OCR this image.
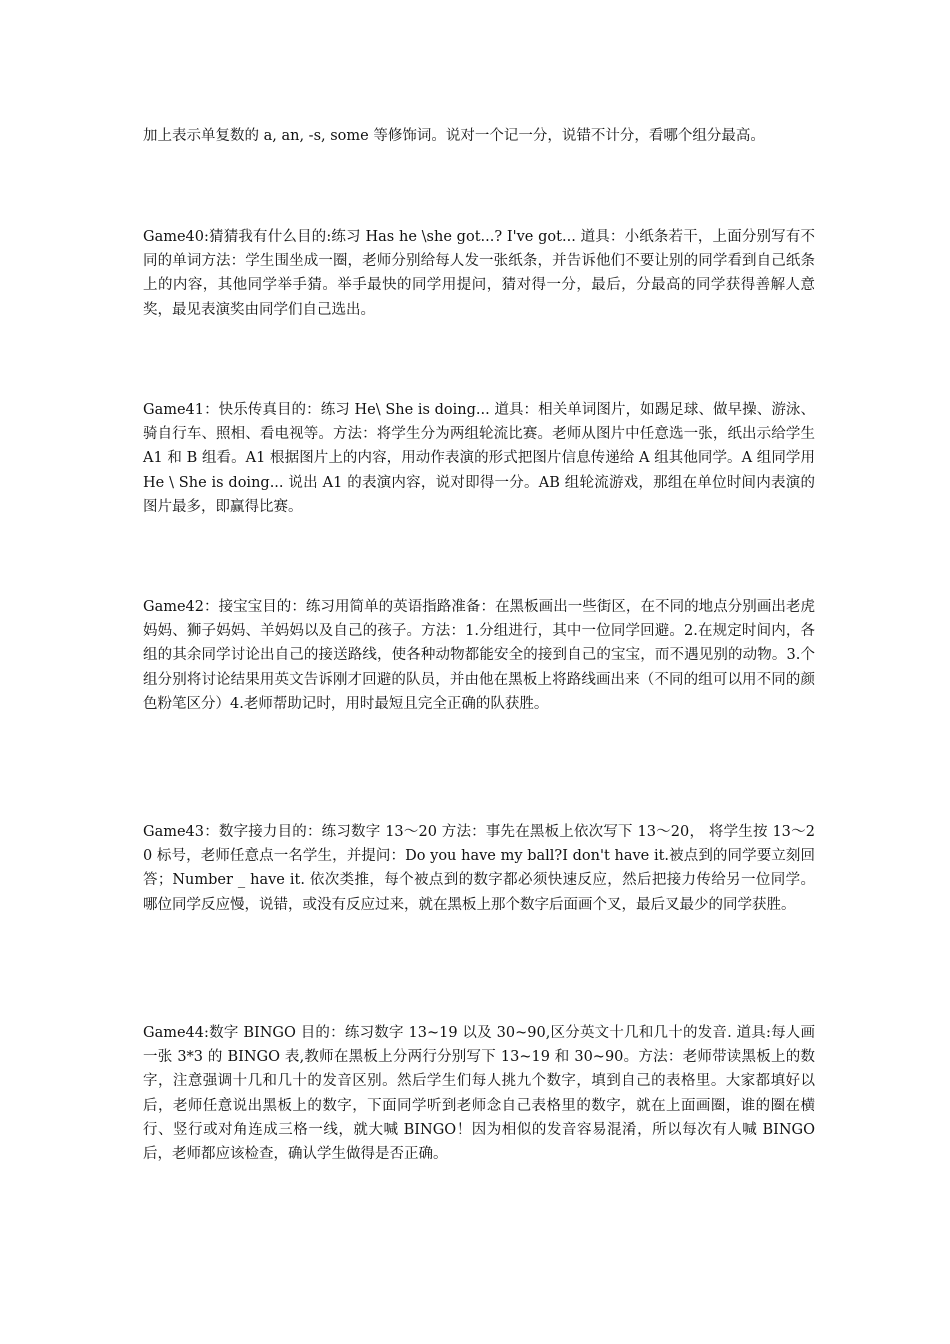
加上表示单复数的 a, an, -s, some 等修饰词。说对一个记一分，说错不计分，看哪个组分最高。

Game40:猜猜我有什么目的:练习 Has he \she got...? I've got... 道具：小纸条若干，上面分别写有不同的单词方法：学生围坐成一圈，老师分别给每人发一张纸条，并告诉他们不要让别的同学看到自己纸条上的内容，其他同学举手猜。举手最快的同学用提问，猜对得一分，最后，分最高的同学获得善解人意奖，最见表演奖由同学们自己选出。

Game41：快乐传真目的：练习 He\ She is doing... 道具：相关单词图片，如踢足球、做早操、游泳、骑自行车、照相、看电视等。方法：将学生分为两组轮流比赛。老师从图片中任意选一张，纸出示给学生 A1 和 B 组看。A1 根据图片上的内容，用动作表演的形式把图片信息传递给 A 组其他同学。A 组同学用 He \ She is doing... 说出 A1 的表演内容，说对即得一分。AB 组轮流游戏，那组在单位时间内表演的图片最多，即赢得比赛。

Game42：接宝宝目的：练习用简单的英语指路准备：在黑板画出一些街区，在不同的地点分别画出老虎妈妈、狮子妈妈、羊妈妈以及自己的孩子。方法：1.分组进行，其中一位同学回避。2.在规定时间内，各组的其余同学讨论出自己的接送路线，使各种动物都能安全的接到自己的宝宝，而不遇见别的动物。3.个组分别将讨论结果用英文告诉刚才回避的队员，并由他在黑板上将路线画出来（不同的组可以用不同的颜色粉笔区分）4.老师帮助记时，用时最短且完全正确的队获胜。

Game43：数字接力目的：练习数字 13～20 方法：事先在黑板上依次写下 13～20， 将学生按 13～20 标号，老师任意点一名学生，并提问：Do you have my ball?I don't have it.被点到的同学要立刻回答；Number _ have it. 依次类推，每个被点到的数字都必须快速反应，然后把接力传给另一位同学。哪位同学反应慢，说错，或没有反应过来，就在黑板上那个数字后面画个叉，最后叉最少的同学获胜。

Game44:数字 BINGO 目的：练习数字 13~19 以及 30~90,区分英文十几和几十的发音. 道具:每人画一张 3*3 的 BINGO 表,教师在黑板上分两行分别写下 13~19 和 30~90。方法：老师带读黑板上的数字，注意强调十几和几十的发音区别。然后学生们每人挑九个数字，填到自己的表格里。大家都填好以后，老师任意说出黑板上的数字，下面同学听到老师念自己表格里的数字，就在上面画圈，谁的圈在横行、竖行或对角连成三格一线，就大喊 BINGO！因为相似的发音容易混淆，所以每次有人喊 BINGO 后，老师都应该检查，确认学生做得是否正确。
